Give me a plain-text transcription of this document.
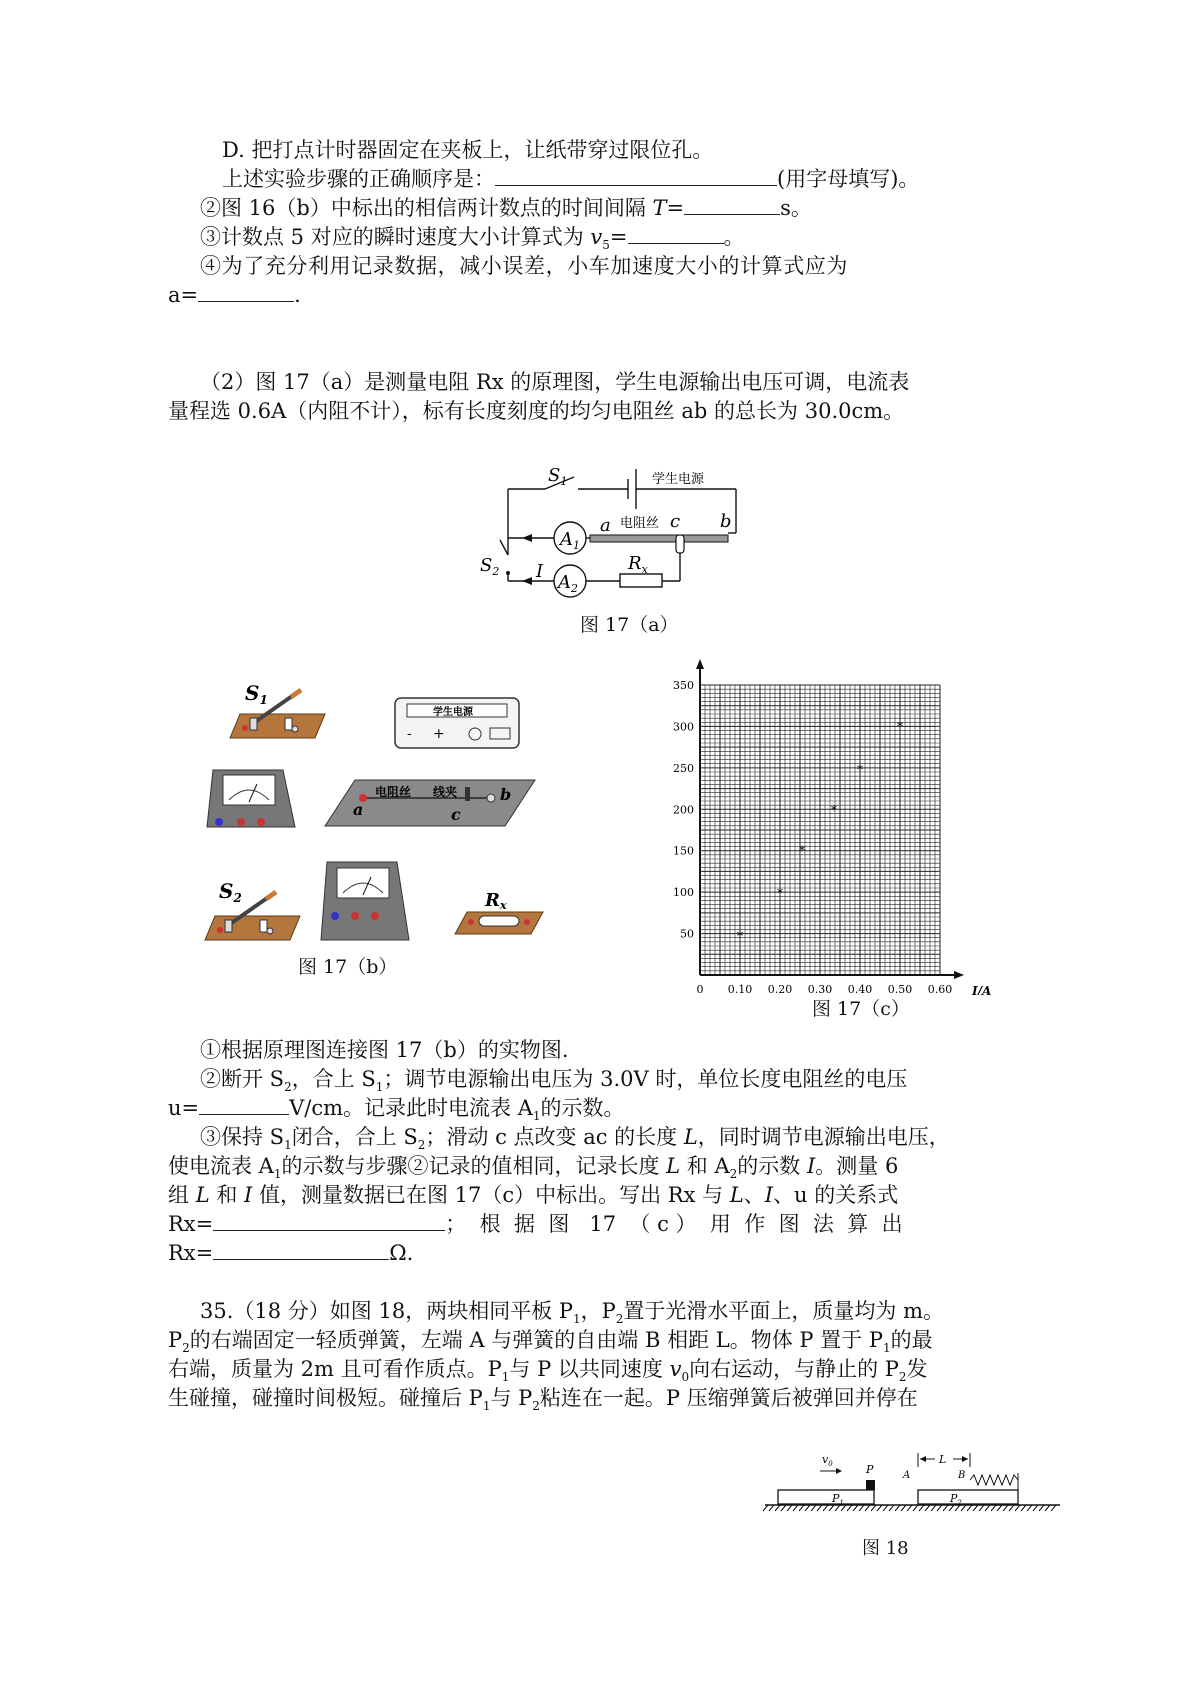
D. 把打点计时器固定在夹板上，让纸带穿过限位孔。
上述实验步骤的正确顺序是：	(用字母填写)。
②图 16（b）中标出的相信两计数点的时间间隔 T=	s。
③计数点 5 对应的瞬时速度大小计算式为 $v_5=$	。
④为了充分利用记录数据，减小误差，小车加速度大小的计算式应为
a=	.
（2）图 17（a）是测量电阻 Rx 的原理图，学生电源输出电压可调，电流表
量程选 0.6A（内阻不计），标有长度刻度的均匀电阻丝 ab 的总长为 30.0cm。
$S_1$	学生电源
a 电阻丝 c b
$A_1$
$A_2$
$R_x$
$S_2$ I
图 17（a）
$S_1$
学生电源
- +
电阻丝 线夹
a
b
c
$S_2$	Rx
图 17（b）
0 0.10 0.20 0.30 0.40 0.50 0.60
50
100
150
200
250
300
350
I/A
*
*
*
*
*
*
图 17（c）
①根据原理图连接图 17（b）的实物图.
②断开 $S_2$，合上 $S_1$；调节电源输出电压为 3.0V 时，单位长度电阻丝的电压
u=	V/cm。记录此时电流表 $A_1$的示数。
③保持 $S_1$闭合，合上 $S_2$；滑动 c 点改变 ac 的长度 L，同时调节电源输出电压，
使电流表 $A_1$的示数与步骤②记录的值相同，记录长度 L 和 $A_2$的示数 I。测量 6
组 L 和 I 值，测量数据已在图 17（c）中标出。写出 Rx 与 L、I、u 的关系式
Rx=	；  根  据  图   17  （ c ）  用  作  图  法  算  出
Rx=	Ω.
35.（18 分）如图 18，两块相同平板 $P_1$，$P_2$置于光滑水平面上，质量均为 m。
$P_2$的右端固定一轻质弹簧，左端 A 与弹簧的自由端 B 相距 L。物体 P 置于 $P_1$的最
右端，质量为 2m 且可看作质点。$P_1$与 P 以共同速度 $v_0$向右运动，与静止的 $P_2$发
生碰撞，碰撞时间极短。碰撞后 $P_1$与 $P_2$粘连在一起。P 压缩弹簧后被弹回并停在
$P_1$
P
$v_0$
$P_2$
A	B
L
图 18
